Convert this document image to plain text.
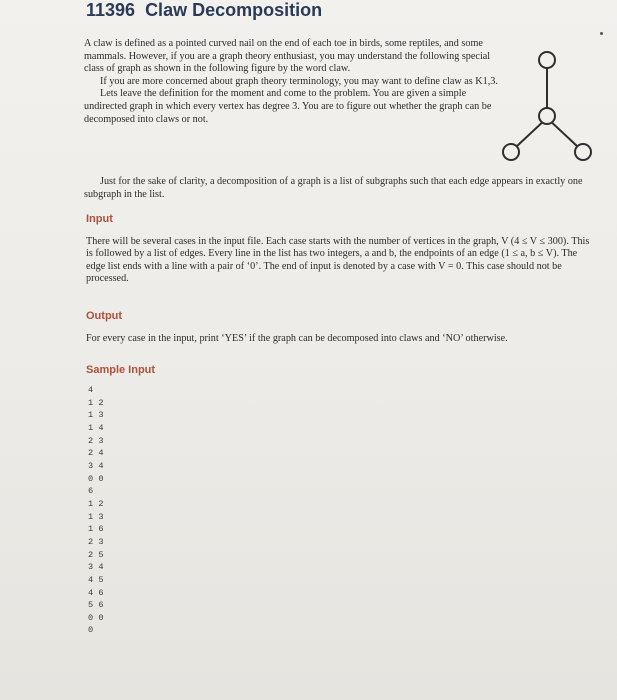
11396 Claw Decomposition

A claw is defined as a pointed curved nail on the end of each toe in birds, some reptiles, and some mammals. However, if you are a graph theory enthusiast, you may understand the following special class of graph as shown in the following figure by the word claw.

If you are more concerned about graph theory terminology, you may want to define claw as K1,3.

Lets leave the definition for the moment and come to the problem. You are given a simple undirected graph in which every vertex has degree 3. You are to figure out whether the graph can be decomposed into claws or not.

Just for the sake of clarity, a decomposition of a graph is a list of subgraphs such that each edge appears in exactly one subgraph in the list.

Input

There will be several cases in the input file. Each case starts with the number of vertices in the graph, V (4 ≤ V ≤ 300). This is followed by a list of edges. Every line in the list has two integers, a and b, the endpoints of an edge (1 ≤ a, b ≤ V). The edge list ends with a line with a pair of ‘0’. The end of input is denoted by a case with V = 0. This case should not be processed.

Output

For every case in the input, print ‘YES’ if the graph can be decomposed into claws and ‘NO’ otherwise.

Sample Input
4
1 2
1 3
1 4
2 3
2 4
3 4
0 0
6
1 2
1 3
1 6
2 3
2 5
3 4
4 5
4 6
5 6
0 0
0
